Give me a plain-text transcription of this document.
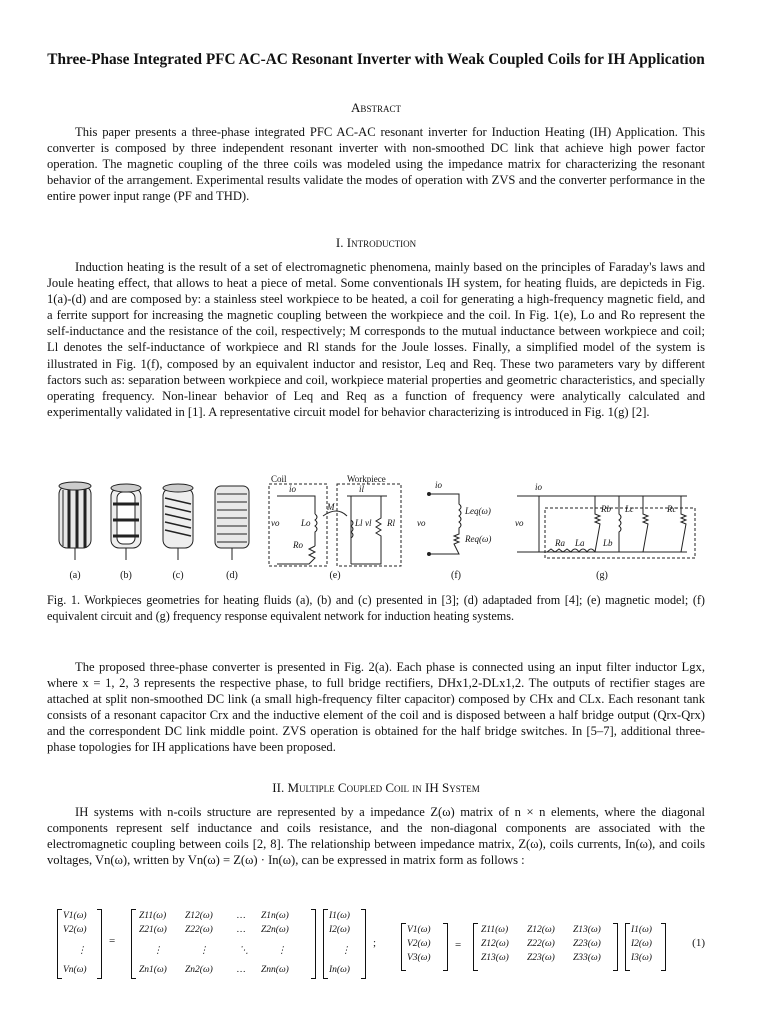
Three-Phase Integrated PFC AC-AC Resonant Inverter with Weak Coupled Coils for IH Application
Abstract

This paper presents a three-phase integrated PFC AC-AC resonant inverter for Induction Heating (IH) Application. This converter is composed by three independent resonant inverter with non-smoothed DC link that achieve high power factor operation. The magnetic coupling of the three coils was modeled using the impedance matrix for characterizing the resonant behavior of the arrangement. Experimental results validate the modes of operation with ZVS and the converter performance in the entire power input range (PF and THD).

I. Introduction

Induction heating is the result of a set of electromagnetic phenomena, mainly based on the principles of Faraday's laws and Joule heating effect, that allows to heat a piece of metal. Some conventionals IH system, for heating fluids, are depicteds in Fig. 1(a)-(d) and are composed by: a stainless steel workpiece to be heated, a coil for generating a high-frequency magnetic field, and a ferrite support for increasing the magnetic coupling between the workpiece and the coil. In Fig. 1(e), Lo and Ro represent the self-inductance and the resistance of the coil, respectively; M corresponds to the mutual inductance between workpiece and coil; Ll denotes the self-inductance of workpiece and Rl stands for the Joule losses. Finally, a simplified model of the system is illustrated in Fig. 1(f), composed by an equivalent inductor and resistor, Leq and Req. These two parameters vary by different factors such as: separation between workpiece and coil, workpiece material properties and geometric characteristics, and specially operating frequency. Non-linear behavior of Leq and Req as a function of frequency were analytically calculated and experimentally validated in [1]. A representative circuit model for behavior characterizing is introduced in Fig. 1(g) [2].

Coil	Workpiece
vo
io
M
Lo
Ro
il
Ll vl Rl
io
vo
Leq(ω)
Req(ω)
io
vo
Ra La
Rb
Lb
Lc	Rc
(a)	(b)	(c)	(d)	(e)	(f)	(g)
Fig. 1. Workpieces geometries for heating fluids (a), (b) and (c) presented in [3]; (d) adaptaded from [4]; (e) magnetic model; (f) equivalent circuit and (g) frequency response equivalent network for induction heating systems.

The proposed three-phase converter is presented in Fig. 2(a). Each phase is connected using an input filter inductor Lgx, where x = 1, 2, 3 represents the respective phase, to full bridge rectifiers, DHx1,2-DLx1,2. The outputs of rectifier stages are attached at split non-smoothed DC link (a small high-frequency filter capacitor) composed by CHx and CLx. Each resonant tank consists of a resonant capacitor Crx and the inductive element of the coil and is disposed between a half bridge output (Qrx-Qrx) and the correspondent DC link middle point. ZVS operation is obtained for the half bridge switches. In [5–7], additional three-phase topologies for IH applications have been proposed.

II. Multiple Coupled Coil in IH System

IH systems with n-coils structure are represented by a impedance Z(ω) matrix of n × n elements, where the diagonal components represent self inductance and coils resistance, and the non-diagonal components are associated with the electromagnetic coupling between coils [2, 8]. The relationship between impedance matrix, Z(ω), coils currents, In(ω), and coils voltages, Vn(ω), written by Vn(ω) = Z(ω) · In(ω), can be expressed in matrix form as follows :

V1(ω)
V2(ω)
⋮
Vn(ω)
=
Z11(ω) Z12(ω)	… Z1n(ω)
Z21(ω) Z22(ω)	… Z2n(ω)
⋮	⋮	⋱	⋮
Zn1(ω) Zn2(ω)	… Znn(ω)
I1(ω)
I2(ω)
⋮
In(ω)
;
V1(ω)
V2(ω)
V3(ω)
=
Z11(ω) Z12(ω) Z13(ω)
Z12(ω) Z22(ω) Z23(ω)
Z13(ω) Z23(ω) Z33(ω)
I1(ω)
I2(ω)
I3(ω)
(1)
